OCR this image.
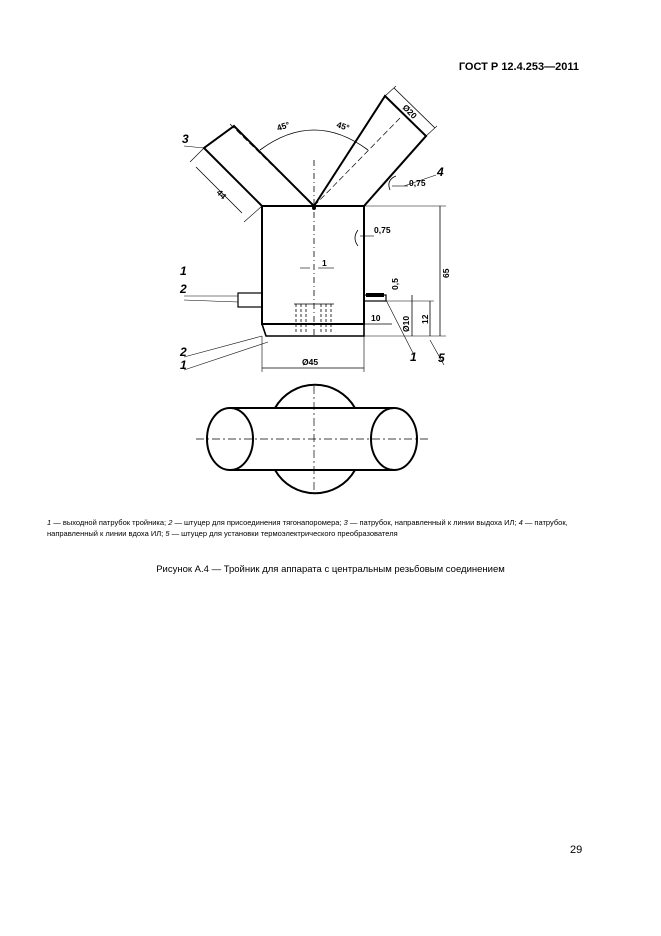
ГОСТ Р 12.4.253—2011
1
2
3
4
2
1
1 5
45°	45°
Ø20
44
0,75
0,75
1
0,5
65
10 Ø10 12
Ø45
1 — выходной патрубок тройника; 2 — штуцер для присоединения тягонапоромера; 3 — патрубок, направленный к линии выдоха ИЛ; 4 — патрубок, направленный к линии вдоха ИЛ; 5 — штуцер для установки термоэлектрического преобразователя
Рисунок А.4 — Тройник для аппарата с центральным резьбовым соединением
29
